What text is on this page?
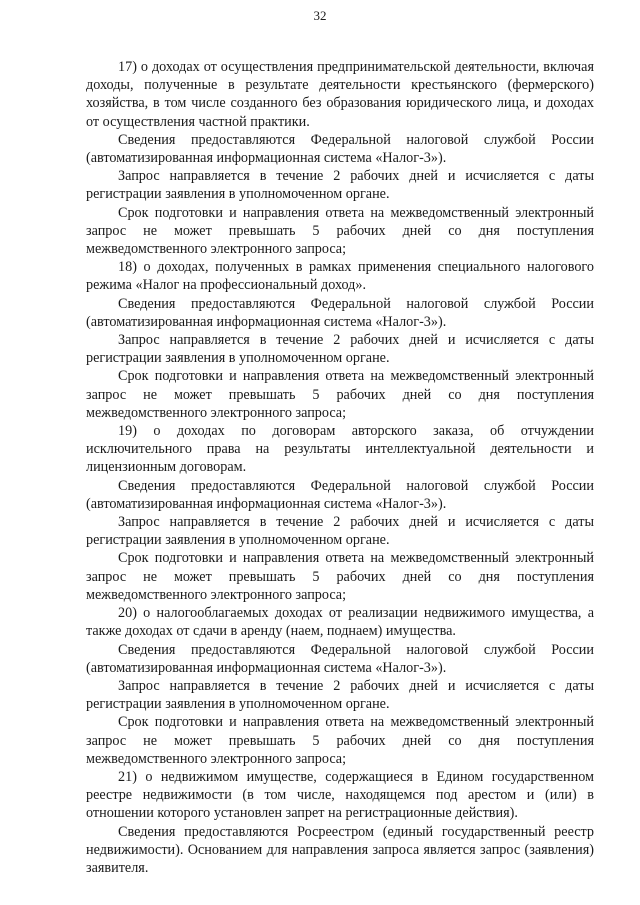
32

17) о доходах от осуществления предпринимательской деятельности, включая доходы, полученные в результате деятельности крестьянского (фермерского) хозяйства, в том числе созданного без образования юридического лица, и доходах от осуществления частной практики.

Сведения предоставляются Федеральной налоговой службой России (автоматизированная информационная система «Налог-3»).

Запрос направляется в течение 2 рабочих дней и исчисляется с даты регистрации заявления в уполномоченном органе.

Срок подготовки и направления ответа на межведомственный электронный запрос не может превышать 5 рабочих дней со дня поступления межведомственного электронного запроса;

18) о доходах, полученных в рамках применения специального налогового режима «Налог на профессиональный доход».

Сведения предоставляются Федеральной налоговой службой России (автоматизированная информационная система «Налог-3»).

Запрос направляется в течение 2 рабочих дней и исчисляется с даты регистрации заявления в уполномоченном органе.

Срок подготовки и направления ответа на межведомственный электронный запрос не может превышать 5 рабочих дней со дня поступления межведомственного электронного запроса;

19) о доходах по договорам авторского заказа, об отчуждении исключительного права на результаты интеллектуальной деятельности и лицензионным договорам.

Сведения предоставляются Федеральной налоговой службой России (автоматизированная информационная система «Налог-3»).

Запрос направляется в течение 2 рабочих дней и исчисляется с даты регистрации заявления в уполномоченном органе.

Срок подготовки и направления ответа на межведомственный электронный запрос не может превышать 5 рабочих дней со дня поступления межведомственного электронного запроса;

20) о налогооблагаемых доходах от реализации недвижимого имущества, а также доходах от сдачи в аренду (наем, поднаем) имущества.

Сведения предоставляются Федеральной налоговой службой России (автоматизированная информационная система «Налог-3»).

Запрос направляется в течение 2 рабочих дней и исчисляется с даты регистрации заявления в уполномоченном органе.

Срок подготовки и направления ответа на межведомственный электронный запрос не может превышать 5 рабочих дней со дня поступления межведомственного электронного запроса;

21) о недвижимом имуществе, содержащиеся в Едином государственном реестре недвижимости (в том числе, находящемся под арестом и (или) в отношении которого установлен запрет на регистрационные действия).

Сведения предоставляются Росреестром (единый государственный реестр недвижимости). Основанием для направления запроса является запрос (заявления) заявителя.
